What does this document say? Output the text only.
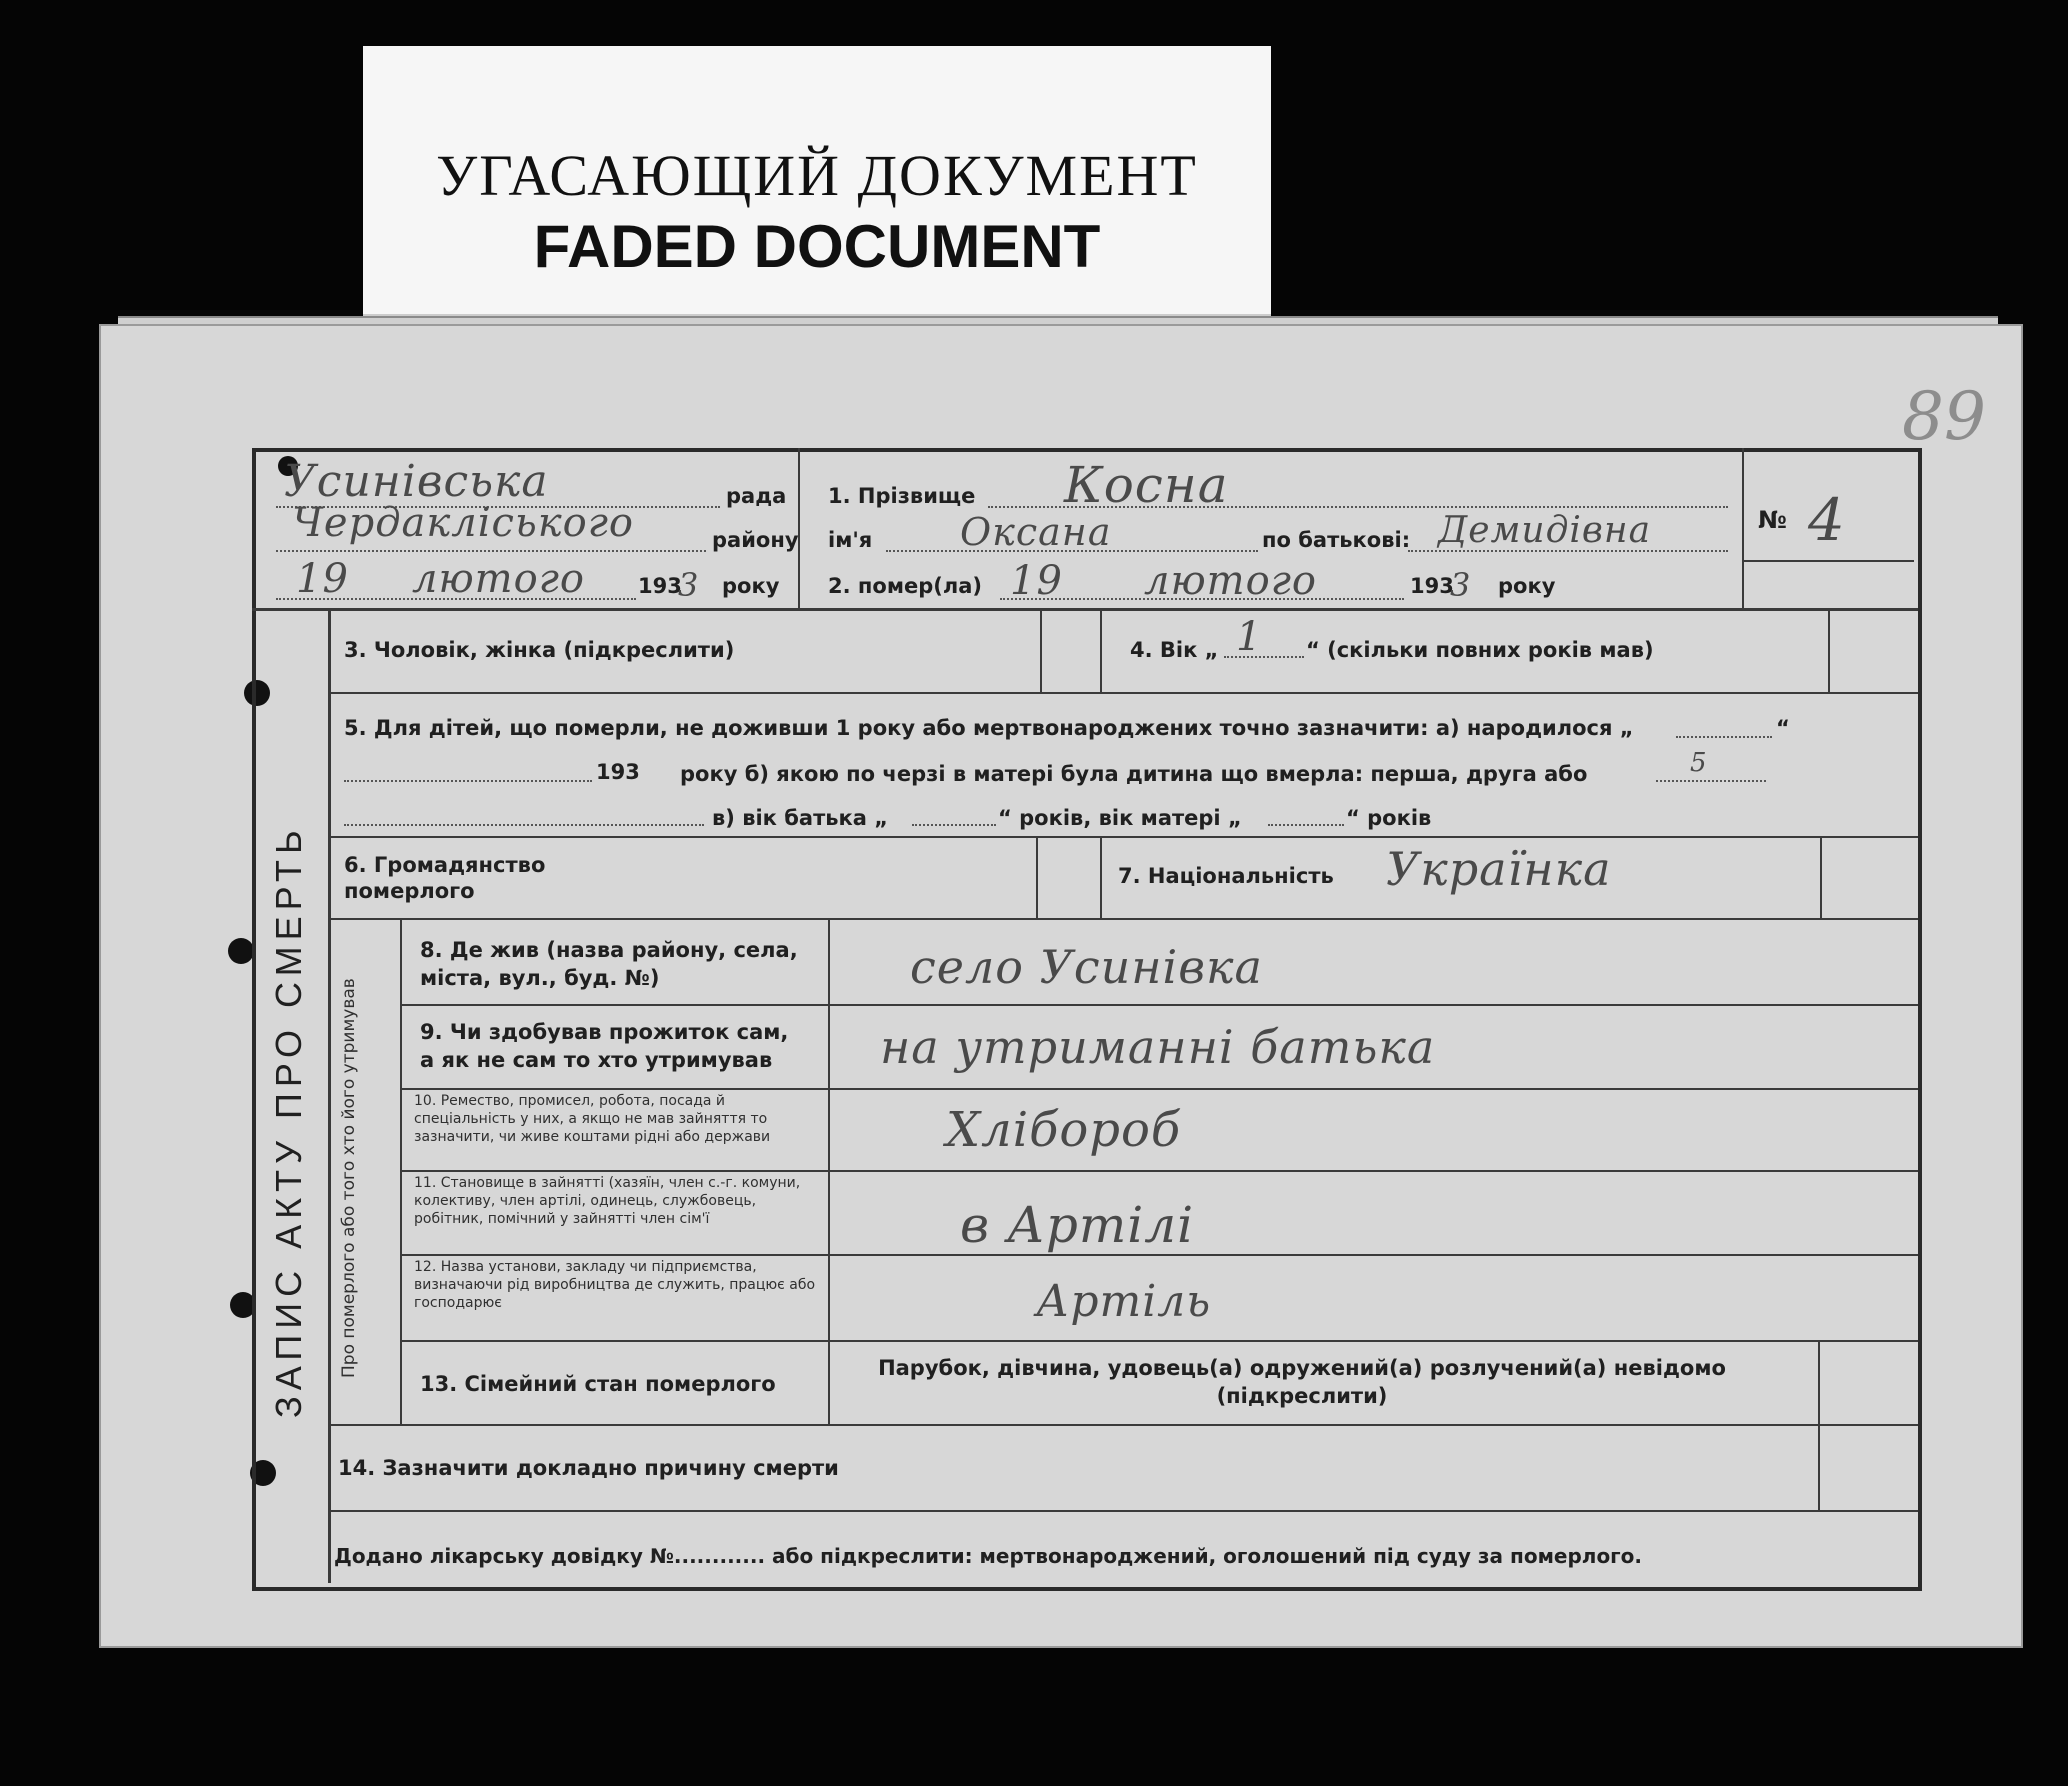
УГАСАЮЩИЙ ДОКУМЕНТ
FADED DOCUMENT
89
ЗАПИС АКТУ ПРО СМЕРТЬ Про померлого або того хто його утримував
Усинівська	рада
Чердакліського	району
19 лютого	193
3 року
1. Прізвище Косна
ім'я Оксана	по батькові: Демидівна
2. помер(ла) 19 лютого	193
3 року
№ 4
3. Чоловік, жінка (підкреслити)	4. Вік „ 1 “ (скільки повних років мав)
5. Для дітей, що померли, не доживши 1 року або мертвонароджених точно зазначити: а) народилося „	“
193 року б) якою по черзі в матері була дитина що вмерла: перша, друга або	5
в) вік батька „	“ років, вік матері „	“ років
6. Громадянство
померлого
7. Національність Українка
8. Де жив (назва району, села,
міста, вул., буд. №)	село Усинівка
9. Чи здобував прожиток сам,
а як не сам то хто утримував	на утриманні батька
10. Ремество, промисел, робота, посада й спеціальність у них, а якщо не мав зайняття то зазначити, чи живе коштами рідні або держави	Хлібороб
11. Становище в зайнятті (хазяїн, член с.-г. комуни, колективу, член артілі, одинець, службовець, робітник, помічний у зайнятті член сім'ї	в Артілі
12. Назва установи, закладу чи підприємства, визначаючи рід виробництва де служить, працює або господарює	Артіль
13. Сімейний стан померлого
Парубок, дівчина, удовець(а) одружений(а) розлучений(а) невідомо (підкреслити)
14. Зазначити докладно причину смерти
Додано лікарську довідку №............ або підкреслити: мертвонароджений, оголошений під суду за померлого.
